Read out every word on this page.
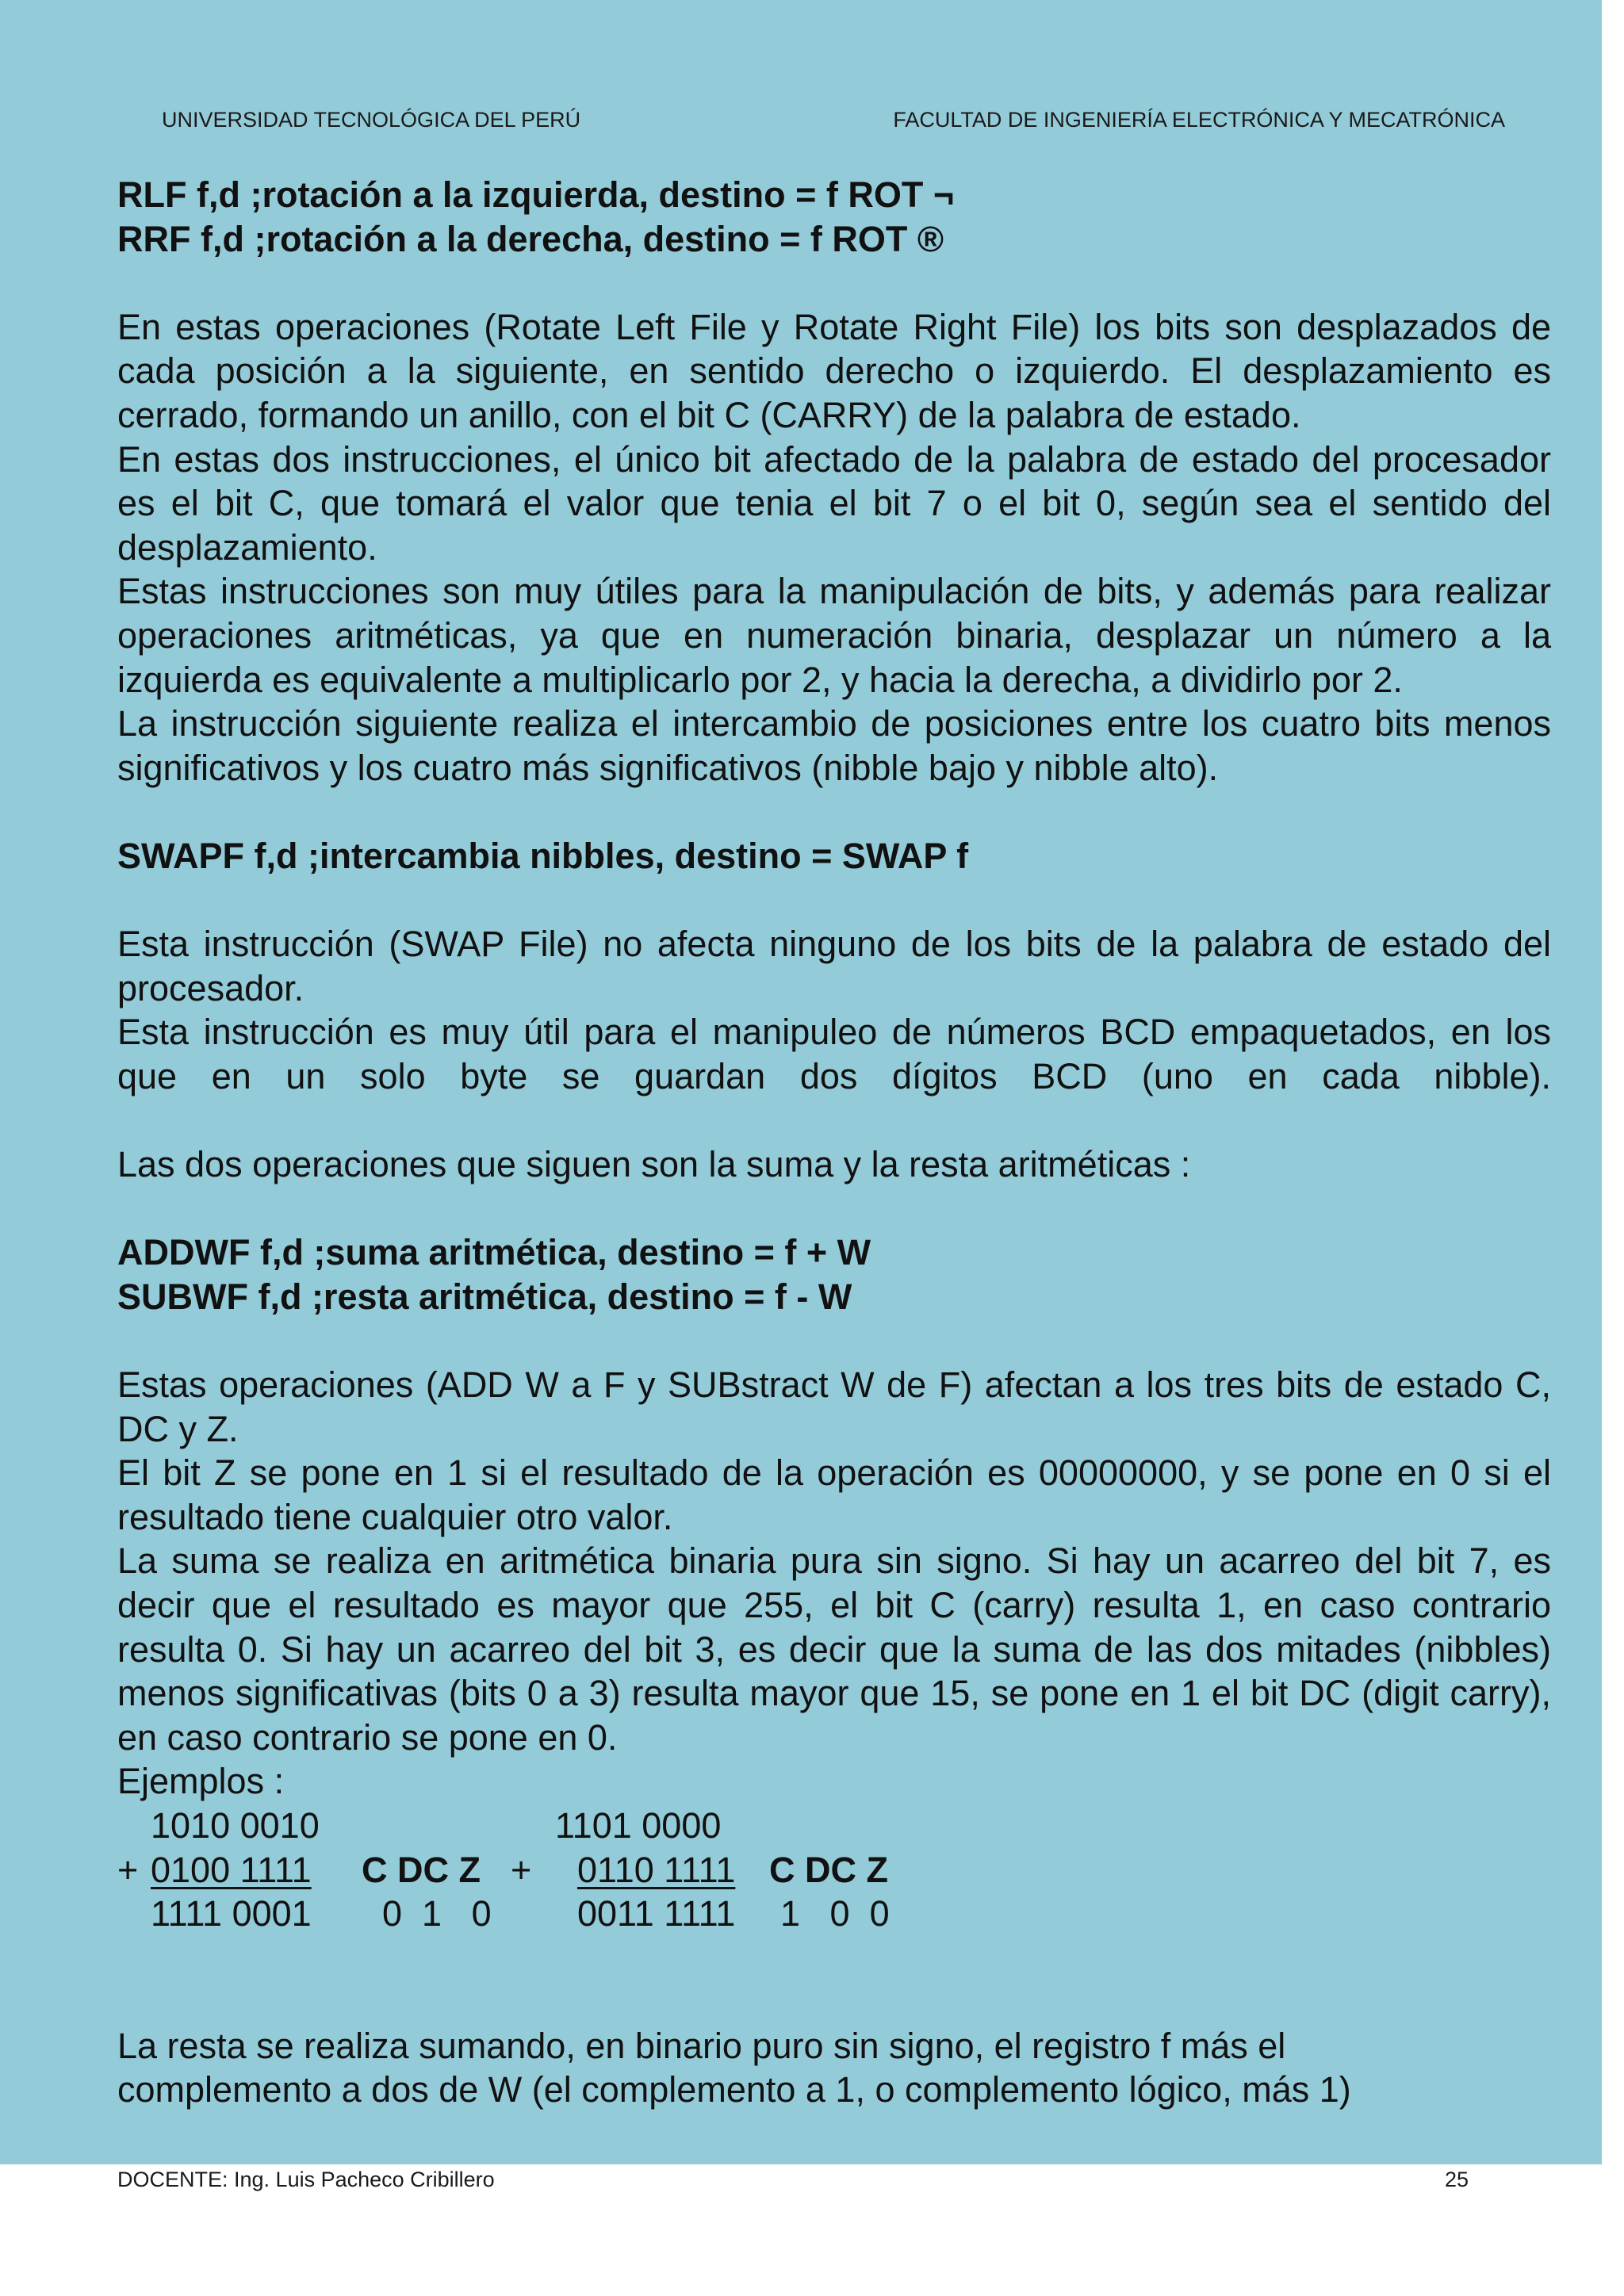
UNIVERSIDAD TECNOLÓGICA DEL PERÚ	FACULTAD DE INGENIERÍA ELECTRÓNICA Y MECATRÓNICA

RLF f,d ;rotación a la izquierda, destino = f ROT ¬

RRF f,d ;rotación a la derecha, destino = f ROT ®

En estas operaciones (Rotate Left File y Rotate Right File) los bits son desplazados de cada posición a la siguiente, en sentido derecho o izquierdo. El desplazamiento es cerrado, formando un anillo, con el bit C (CARRY) de la palabra de estado.

En estas dos instrucciones, el único bit afectado de la palabra de estado del procesador es el bit C, que tomará el valor que tenia el bit 7 o el bit 0, según sea el sentido del desplazamiento.

Estas instrucciones son muy útiles para la manipulación de bits, y además para realizar operaciones aritméticas, ya que en numeración binaria, desplazar un número a la izquierda es equivalente a multiplicarlo por 2, y hacia la derecha, a dividirlo por 2.

La instrucción siguiente realiza el intercambio de posiciones entre los cuatro bits menos significativos y los cuatro más significativos (nibble bajo y nibble alto).

SWAPF f,d ;intercambia nibbles, destino = SWAP f

Esta instrucción (SWAP File) no afecta ninguno de los bits de la palabra de estado del procesador.

Esta instrucción es muy útil para el manipuleo de números BCD empaquetados, en los que en un solo byte se guardan dos dígitos BCD (uno en cada nibble).

Las dos operaciones que siguen son la suma y la resta aritméticas :

ADDWF f,d ;suma aritmética, destino = f + W

SUBWF f,d ;resta aritmética, destino = f - W

Estas operaciones (ADD W a F y SUBstract W de F) afectan a los tres bits de estado C, DC y Z.

El bit Z se pone en 1 si el resultado de la operación es 00000000, y se pone en 0 si el resultado tiene cualquier otro valor.

La suma se realiza en aritmética binaria pura sin signo. Si hay un acarreo del bit 7, es decir que el resultado es mayor que 255, el bit C (carry) resulta 1, en caso contrario resulta 0. Si hay un acarreo del bit 3, es decir que la suma de las dos mitades (nibbles) menos significativas (bits 0 a 3) resulta mayor que 15, se pone en 1 el bit DC (digit carry), en caso contrario se pone en 0.

Ejemplos :

1010 0010	1101 0000
+ 0100 1111 C DC Z + 0110 1111 C DC Z
1111 0001 0  1   0 0011 1111 1   0  0

La resta se realiza sumando, en binario puro sin signo, el registro f más el

complemento a dos de W (el complemento a 1, o complemento lógico, más 1)

DOCENTE: Ing. Luis Pacheco Cribillero	25
